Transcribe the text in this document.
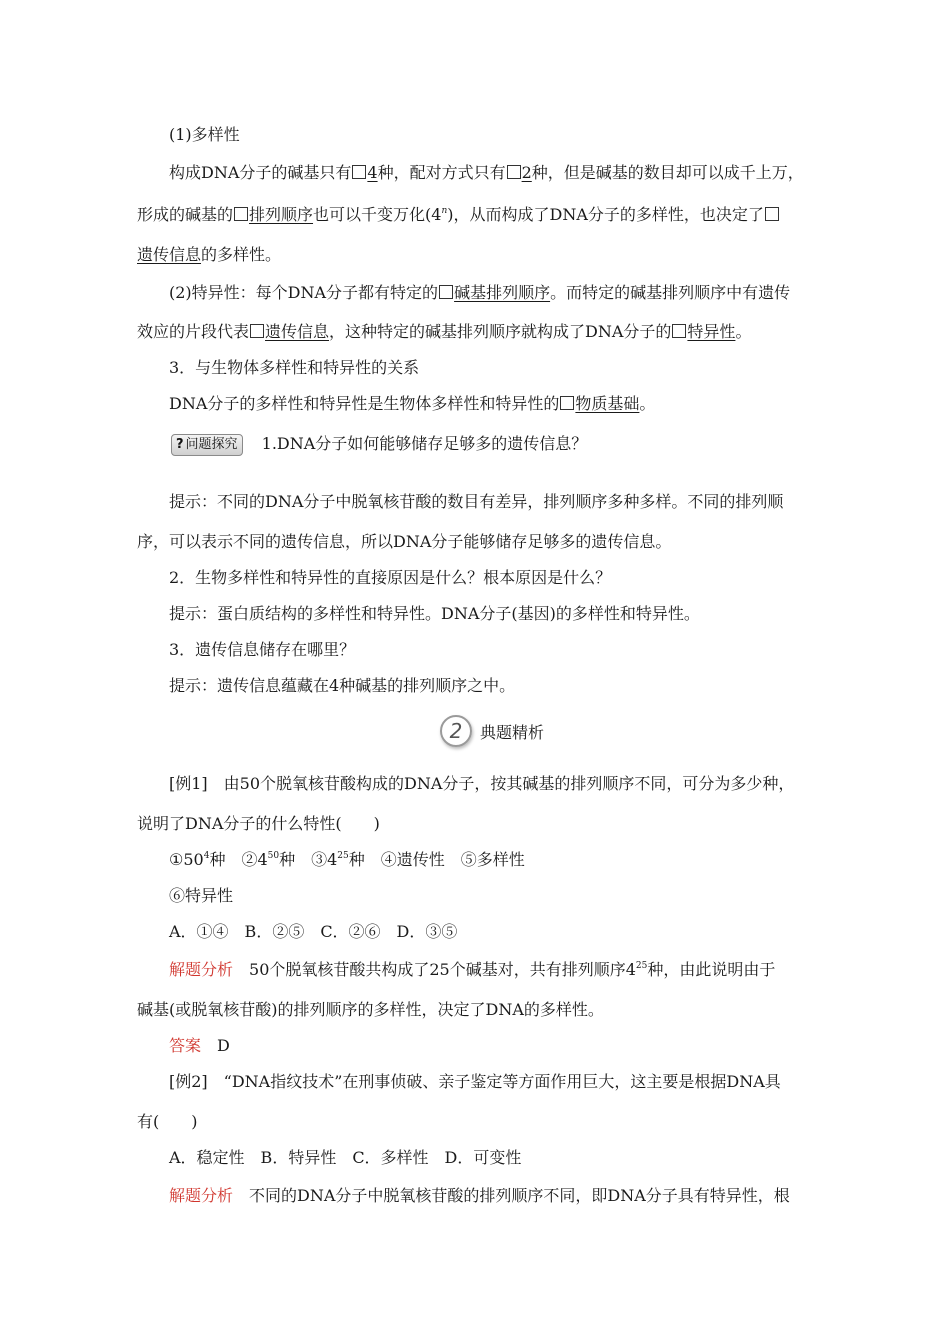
(1)多样性
构成DNA分子的碱基只有 4种，配对方式只有 2种，但是碱基的数目却可以成千上万，
形成的碱基的 排列顺序也可以千变万化(4$^n$)，从而构成了DNA分子的多样性，也决定了
遗传信息的多样性。
(2)特异性：每个DNA分子都有特定的 碱基排列顺序。而特定的碱基排列顺序中有遗传
效应的片段代表 遗传信息，这种特定的碱基排列顺序就构成了DNA分子的 特异性。
3．与生物体多样性和特异性的关系
DNA分子的多样性和特异性是生物体多样性和特异性的 物质基础。
? 问题探究 1.DNA分子如何能够储存足够多的遗传信息？
提示：不同的DNA分子中脱氧核苷酸的数目有差异，排列顺序多种多样。不同的排列顺
序，可以表示不同的遗传信息，所以DNA分子能够储存足够多的遗传信息。
2．生物多样性和特异性的直接原因是什么？根本原因是什么？
提示：蛋白质结构的多样性和特异性。DNA分子(基因)的多样性和特异性。
3．遗传信息储存在哪里？
提示：遗传信息蕴藏在4种碱基的排列顺序之中。
2	典题精析
[例1]　由50个脱氧核苷酸构成的DNA分子，按其碱基的排列顺序不同，可分为多少种，
说明了DNA分子的什么特性(　　)
$①50^4$种　$②4^{50}$种　$③4^{25}$种　④遗传性　⑤多样性
⑥特异性
A．①④　B．②⑤　C．②⑥　D．③⑤
解题分析　50个脱氧核苷酸共构成了25个碱基对，共有排列顺序$4^{25}$种，由此说明由于
碱基(或脱氧核苷酸)的排列顺序的多样性，决定了DNA的多样性。
答案　D
[例2]　“DNA指纹技术”在刑事侦破、亲子鉴定等方面作用巨大，这主要是根据DNA具
有(　　)
A．稳定性　B．特异性　C．多样性　D．可变性
解题分析　不同的DNA分子中脱氧核苷酸的排列顺序不同，即DNA分子具有特异性，根
